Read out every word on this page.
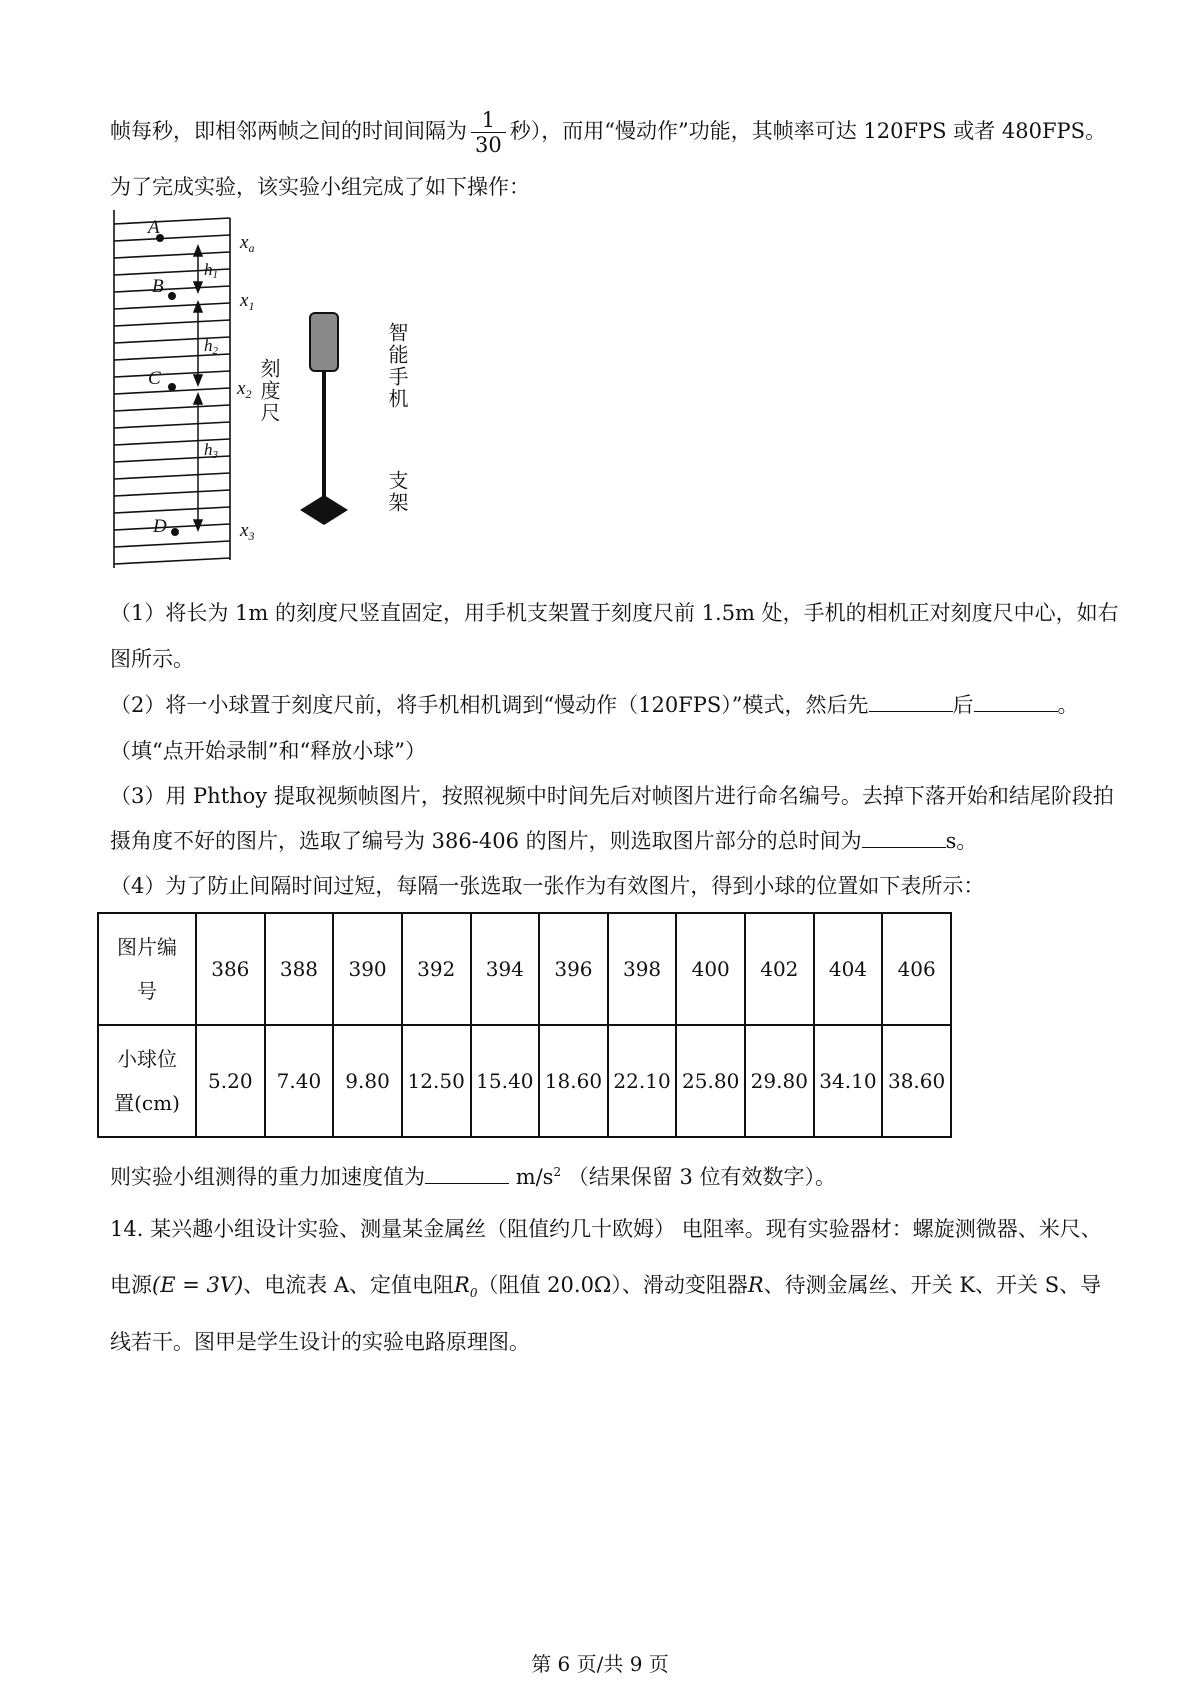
帧每秒，即相邻两帧之间的时间间隔为 $\frac{1}{30}$ 秒），而用“慢动作”功能，其帧率可达 120FPS 或者 480FPS。
为了完成实验，该实验小组完成了如下操作：
A
B
C
D
h1
h2
h3
$x_a$
$x_1$
$x_2$
$x_3$
刻度尺	智能手机
支架
（1）将长为 1m 的刻度尺竖直固定，用手机支架置于刻度尺前 1.5m 处，手机的相机正对刻度尺中心，如右
图所示。
（2）将一小球置于刻度尺前，将手机相机调到“慢动作（120FPS）”模式，然后先	后	。
（填“点开始录制”和“释放小球”）
（3）用 Phthoy 提取视频帧图片，按照视频中时间先后对帧图片进行命名编号。去掉下落开始和结尾阶段拍
摄角度不好的图片，选取了编号为 386-406 的图片，则选取图片部分的总时间为	s。
（4）为了防止间隔时间过短，每隔一张选取一张作为有效图片，得到小球的位置如下表所示：
图片编
号	386	388	390	392	394	396	398	400	402	404	406
小球位
置(cm)	5.20	7.40	9.80	12.50	15.40	18.60	22.10	25.80	29.80	34.10	38.60
则实验小组测得的重力加速度值为	$m/s^2$ （结果保留 3 位有效数字）。
14. 某兴趣小组设计实验、测量某金属丝（阻值约几十欧姆） 电阻率。现有实验器材：螺旋测微器、米尺、
电源(E = 3V)、电流表 A、定值电阻$R_0$（阻值 20.0Ω）、滑动变阻器R、待测金属丝、开关 K、开关 S、导
线若干。图甲是学生设计的实验电路原理图。
第 6 页/共 9 页
